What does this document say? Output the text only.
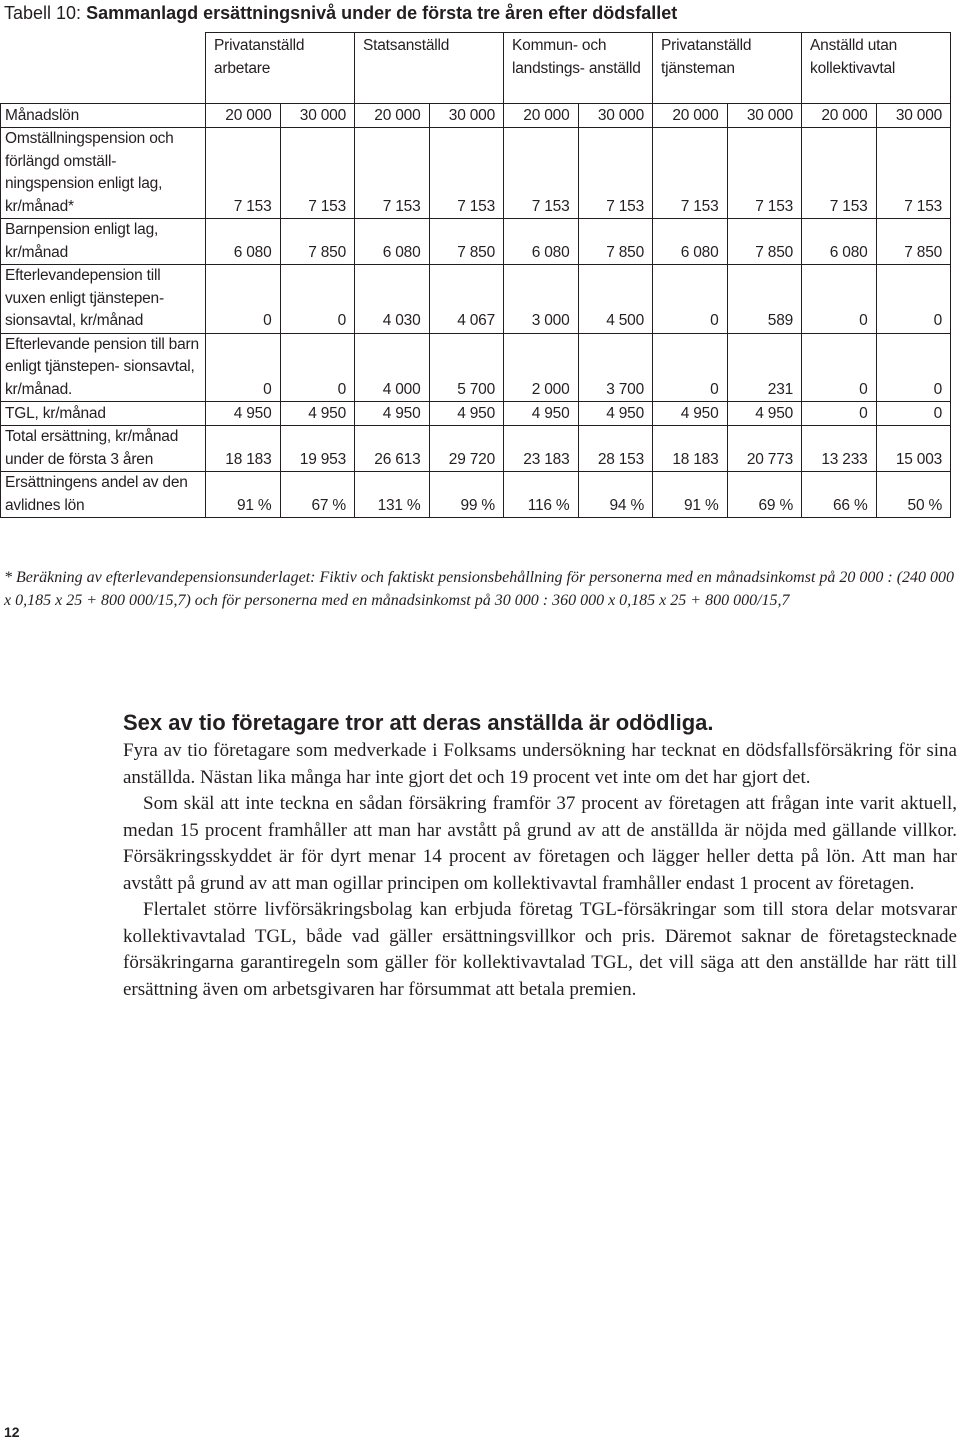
Tabell 10: Sammanlagd ersättningsnivå under de första tre åren efter dödsfallet
	Privatanställd arbetare		Statsanställd		Kommun- och landstings- anställd		Privatanställd tjänsteman		Anställd utan kollektivavtal	
Månadslön	20 000	30 000	20 000	30 000	20 000	30 000	20 000	30 000	20 000	30 000
Omställningspension och förlängd omställ- ningspension enligt lag, kr/månad*	7 153	7 153	7 153	7 153	7 153	7 153	7 153	7 153	7 153	7 153
Barnpension enligt lag, kr/månad	6 080	7 850	6 080	7 850	6 080	7 850	6 080	7 850	6 080	7 850
Efterlevandepension till vuxen enligt tjänstepen- sionsavtal, kr/månad	0	0	4 030	4 067	3 000	4 500	0	589	0	0
Efterlevande pension till barn enligt tjänstepen- sionsavtal, kr/månad.	0	0	4 000	5 700	2 000	3 700	0	231	0	0
TGL, kr/månad	4 950	4 950	4 950	4 950	4 950	4 950	4 950	4 950	0	0
Total ersättning, kr/månad under de första 3 åren	18 183	19 953	26 613	29 720	23 183	28 153	18 183	20 773	13 233	15 003
Ersättningens andel av den avlidnes lön	91 %	67 %	131 %	99 %	116 %	94 %	91 %	69 %	66 %	50 %
* Beräkning av efterlevandepensionsunderlaget: Fiktiv och faktiskt pensionsbehållning för personerna med en månadsinkomst på 20 000 : (240 000 x 0,185 x 25 + 800 000/15,7) och för personerna med en månadsinkomst på 30 000 : 360 000 x 0,185 x 25 + 800 000/15,7
Sex av tio företagare tror att deras anställda är odödliga.

Fyra av tio företagare som medverkade i Folksams undersökning har tecknat en dödsfallsförsäkring för sina anställda. Nästan lika många har inte gjort det och 19 procent vet inte om det har gjort det.

Som skäl att inte teckna en sådan försäkring framför 37 procent av företagen att frågan inte varit aktuell, medan 15 procent framhåller att man har avstått på grund av att de anställda är nöjda med gällande villkor. Försäkringsskyddet är för dyrt menar 14 procent av företagen och lägger heller detta på lön. Att man har avstått på grund av att man ogillar principen om kollektivavtal framhåller endast 1 procent av företagen.

Flertalet större livförsäkringsbolag kan erbjuda företag TGL-försäkringar som till stora delar motsvarar kollektivavtalad TGL, både vad gäller ersättningsvillkor och pris. Däremot saknar de företagstecknade försäkringarna garantiregeln som gäller för kollektivavtalad TGL, det vill säga att den anställde har rätt till ersättning även om arbetsgivaren har försummat att betala premien.

12
